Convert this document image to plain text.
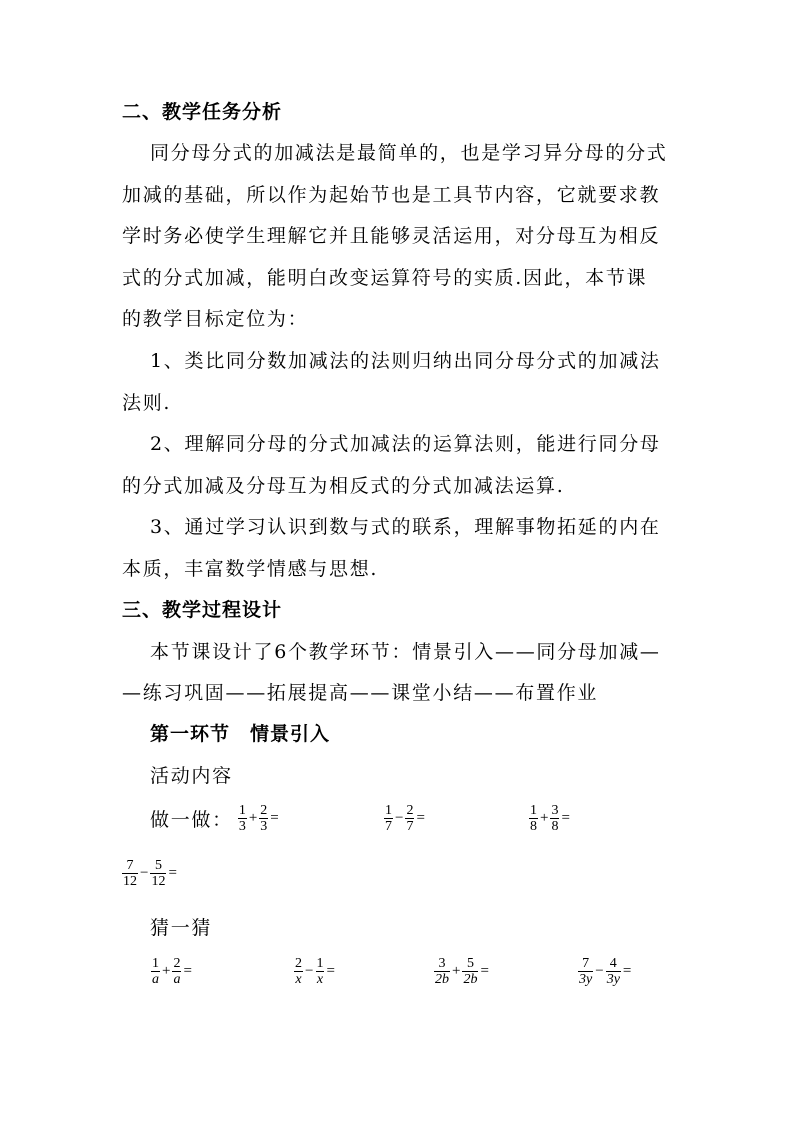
二、教学任务分析
同分母分式的加减法是最简单的，也是学习异分母的分式
加减的基础，所以作为起始节也是工具节内容，它就要求教
学时务必使学生理解它并且能够灵活运用，对分母互为相反
式的分式加减，能明白改变运算符号的实质.因此，本节课
的教学目标定位为：
1、类比同分数加减法的法则归纳出同分母分式的加减法
法则.
2、理解同分母的分式加减法的运算法则，能进行同分母
的分式加减及分母互为相反式的分式加减法运算.
3、通过学习认识到数与式的联系，理解事物拓延的内在
本质，丰富数学情感与思想.
三、教学过程设计
本节课设计了6个教学环节：情景引入——同分母加减—
—练习巩固——拓展提高——课堂小结——布置作业
第一环节　情景引入
活动内容
做一做： $\frac{1}{3} + \frac{2}{3}$ =	$\frac{1}{7} - \frac{2}{7}$ =	$\frac{1}{8} + \frac{3}{8}$ =
$\frac{7}{12} - \frac{5}{12}$ =
猜一猜
$\frac{1}{a} + \frac{2}{a}$ =	$\frac{2}{x} - \frac{1}{x}$ =	$\frac{3}{2b} + \frac{5}{2b}$ =	$\frac{7}{3y} - \frac{4}{3y}$ =
